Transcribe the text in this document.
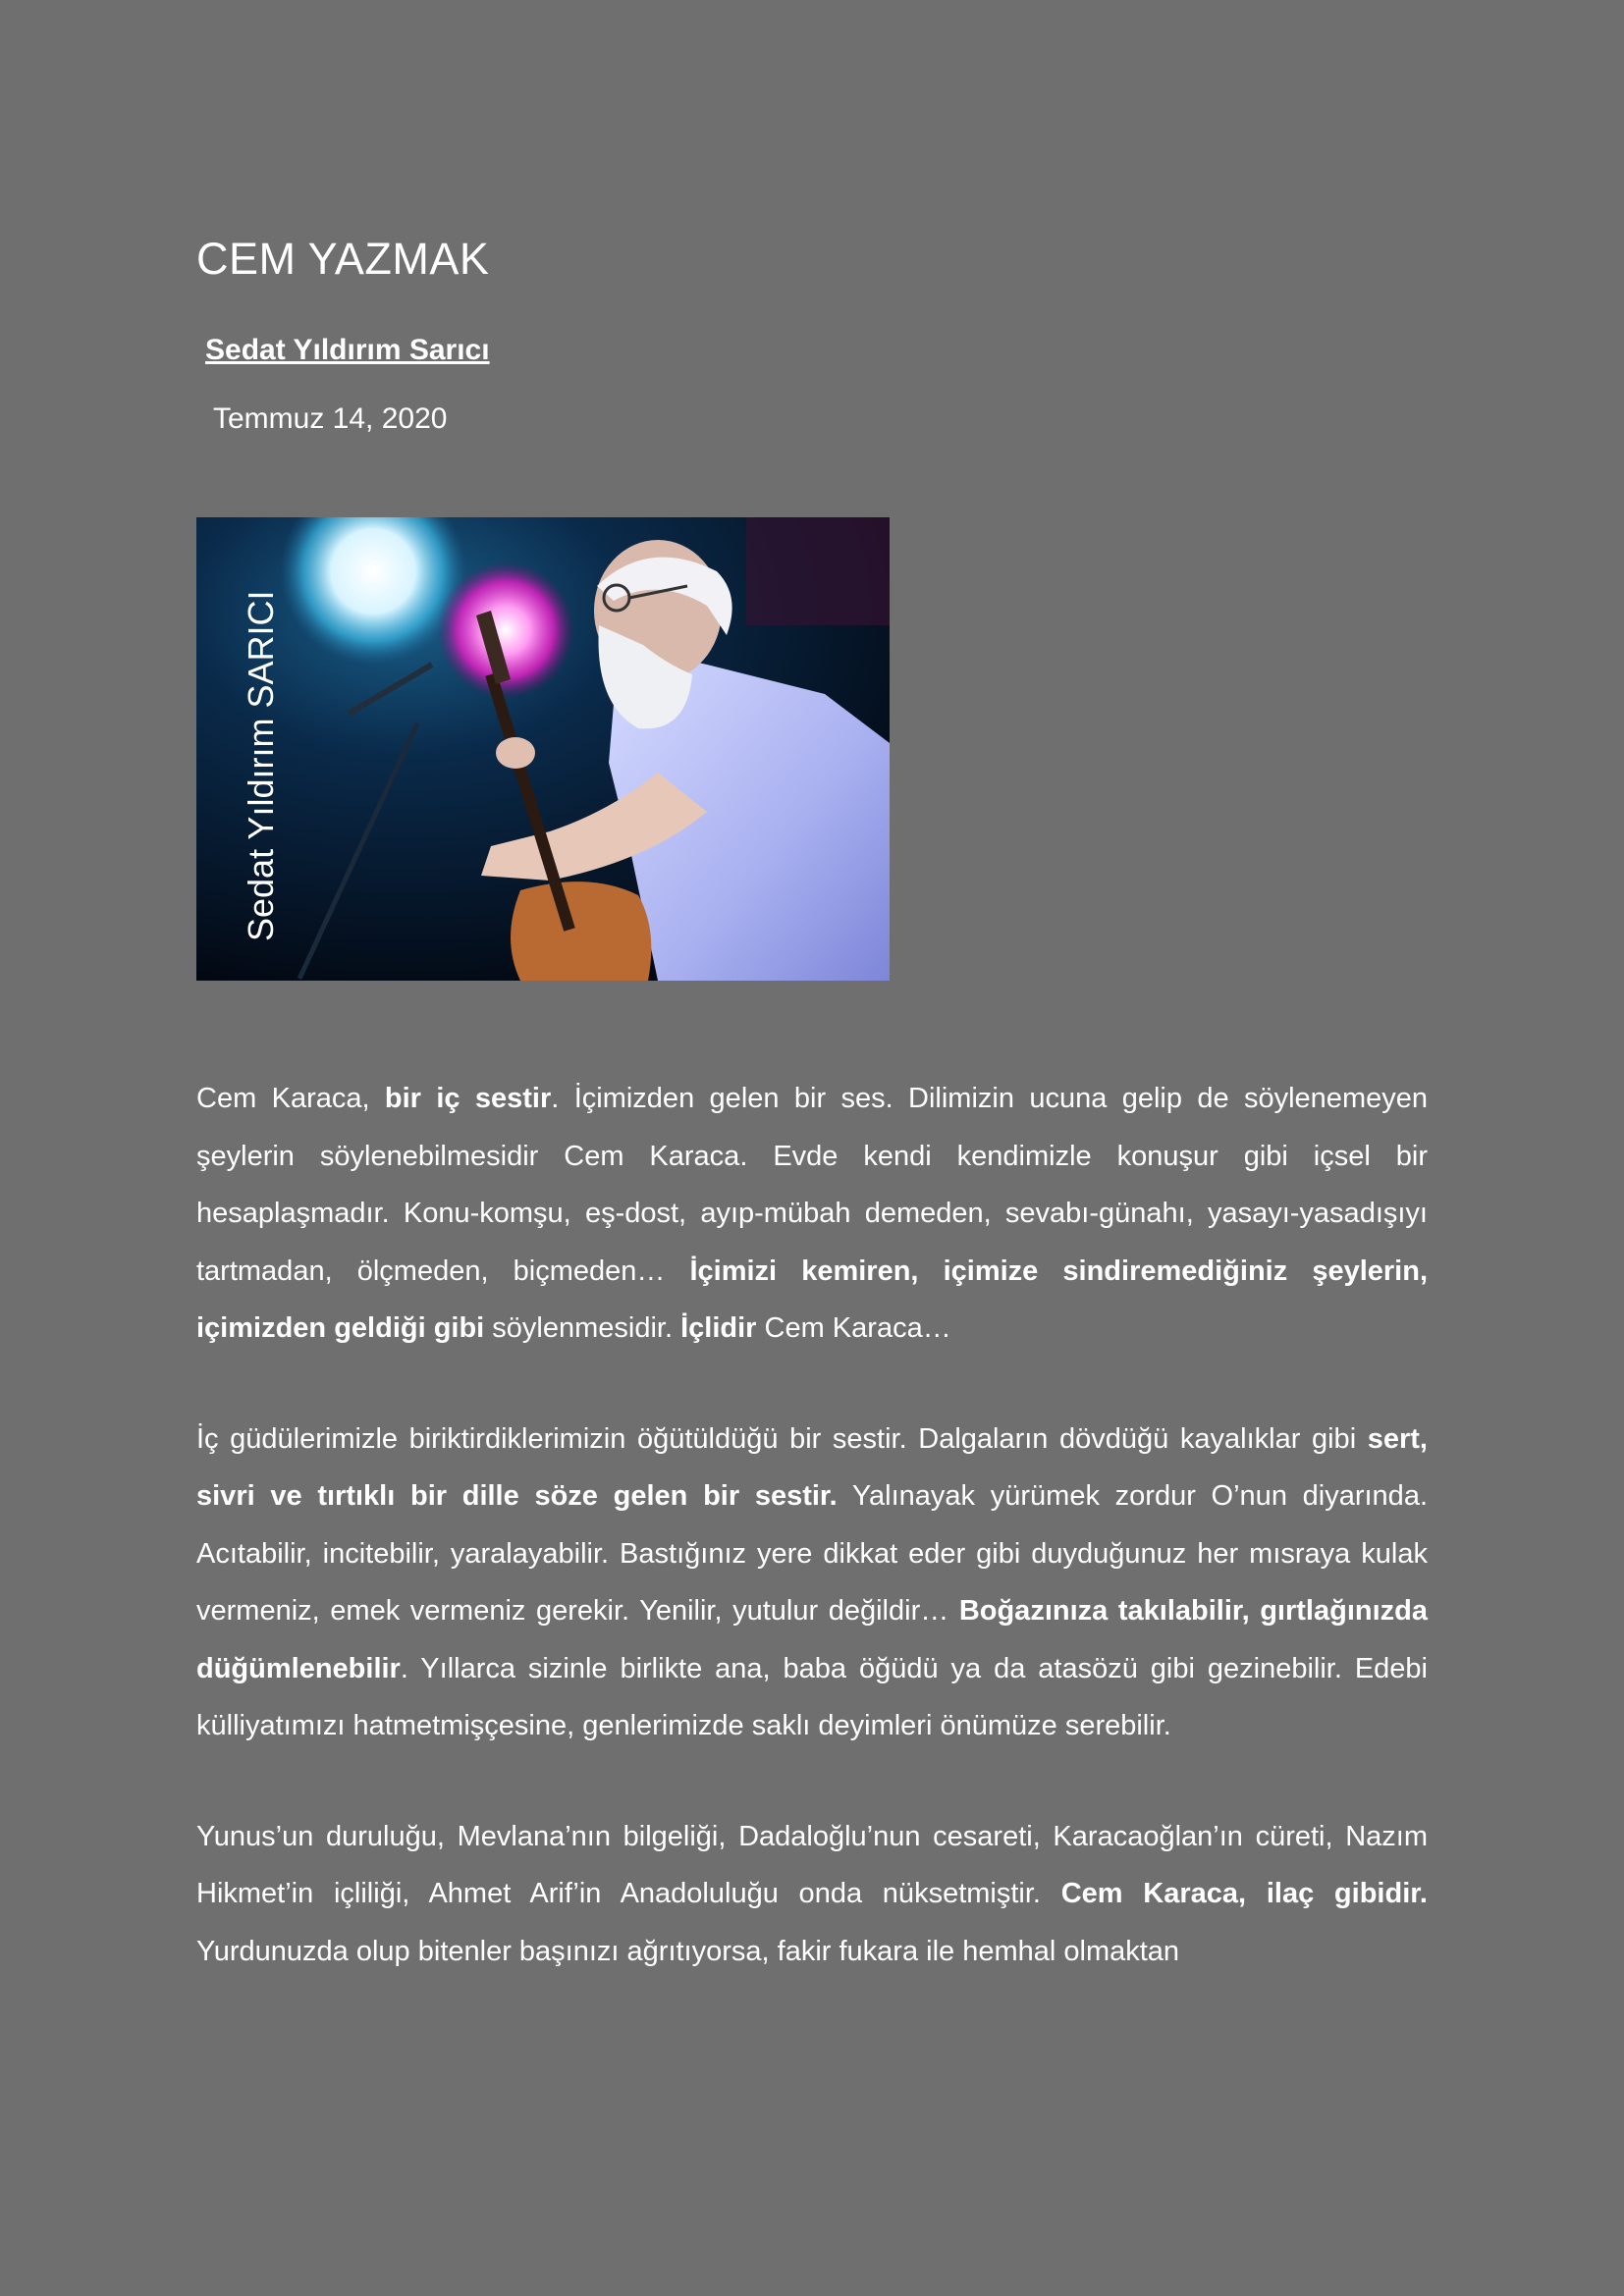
CEM YAZMAK

Sedat Yıldırım Sarıcı

Temmuz 14, 2020

Sedat Yıldırım SARICI

Cem Karaca, bir iç sestir. İçimizden gelen bir ses. Dilimizin ucuna gelip de söylenemeyen şeylerin söylenebilmesidir Cem Karaca. Evde kendi kendimizle konuşur gibi içsel bir hesaplaşmadır. Konu-komşu, eş-dost, ayıp-mübah demeden, sevabı-günahı, yasayı-yasadışıyı tartmadan, ölçmeden, biçmeden… İçimizi kemiren, içimize sindiremediğiniz şeylerin, içimizden geldiği gibi söylenmesidir. İçlidir Cem Karaca…

İç güdülerimizle biriktirdiklerimizin öğütüldüğü bir sestir. Dalgaların dövdüğü kayalıklar gibi sert, sivri ve tırtıklı bir dille söze gelen bir sestir. Yalınayak yürümek zordur O’nun diyarında. Acıtabilir, incitebilir, yaralayabilir. Bastığınız yere dikkat eder gibi duyduğunuz her mısraya kulak vermeniz, emek vermeniz gerekir. Yenilir, yutulur değildir… Boğazınıza takılabilir, gırtlağınızda düğümlenebilir. Yıllarca sizinle birlikte ana, baba öğüdü ya da atasözü gibi gezinebilir. Edebi külliyatımızı hatmetmişçesine, genlerimizde saklı deyimleri önümüze serebilir.

Yunus’un duruluğu, Mevlana’nın bilgeliği, Dadaloğlu’nun cesareti, Karacaoğlan’ın cüreti, Nazım Hikmet’in içliliği, Ahmet Arif’in Anadoluluğu onda nüksetmiştir. Cem Karaca, ilaç gibidir. Yurdunuzda olup bitenler başınızı ağrıtıyorsa, fakir fukara ile hemhal olmaktan
